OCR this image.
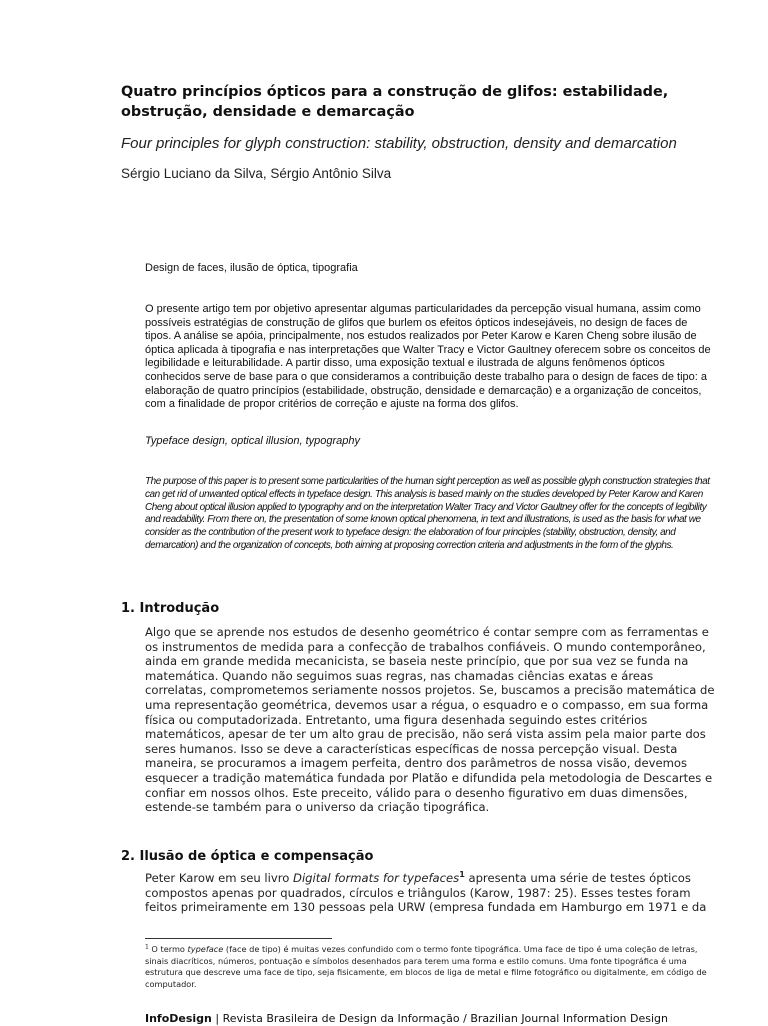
Quatro princípios ópticos para a construção de glifos: estabilidade, obstrução, densidade e demarcação
Four principles for glyph construction: stability, obstruction, density and demarcation
Sérgio Luciano da Silva, Sérgio Antônio Silva
Design de faces, ilusão de óptica, tipografia
O presente artigo tem por objetivo apresentar algumas particularidades da percepção visual humana, assim como possíveis estratégias de construção de glifos que burlem os efeitos ópticos indesejáveis, no design de faces de tipos. A análise se apóia, principalmente, nos estudos realizados por Peter Karow e Karen Cheng sobre ilusão de óptica aplicada à tipografia e nas interpretações que Walter Tracy e Victor Gaultney oferecem sobre os conceitos de legibilidade e leiturabilidade. A partir disso, uma exposição textual e ilustrada de alguns fenômenos ópticos conhecidos serve de base para o que consideramos a contribuição deste trabalho para o design de faces de tipo: a elaboração de quatro princípios (estabilidade, obstrução, densidade e demarcação) e a organização de conceitos, com a finalidade de propor critérios de correção e ajuste na forma dos glifos.
Typeface design, optical illusion, typography
The purpose of this paper is to present some particularities of the human sight perception as well as possible glyph construction strategies that can get rid of unwanted optical effects in typeface design. This analysis is based mainly on the studies developed by Peter Karow and Karen Cheng about optical illusion applied to typography and on the interpretation Walter Tracy and Victor Gaultney offer for the concepts of legibility and readability. From there on, the presentation of some known optical phenomena, in text and illustrations, is used as the basis for what we consider as the contribution of the present work to typeface design: the elaboration of four principles (stability, obstruction, density, and demarcation) and the organization of concepts, both aiming at proposing correction criteria and adjustments in the form of the glyphs.
1. Introdução
Algo que se aprende nos estudos de desenho geométrico é contar sempre com as ferramentas e os instrumentos de medida para a confecção de trabalhos confiáveis. O mundo contemporâneo, ainda em grande medida mecanicista, se baseia neste princípio, que por sua vez se funda na matemática. Quando não seguimos suas regras, nas chamadas ciências exatas e áreas correlatas, comprometemos seriamente nossos projetos. Se, buscamos a precisão matemática de uma representação geométrica, devemos usar a régua, o esquadro e o compasso, em sua forma física ou computadorizada. Entretanto, uma figura desenhada seguindo estes critérios matemáticos, apesar de ter um alto grau de precisão, não será vista assim pela maior parte dos seres humanos. Isso se deve a características específicas de nossa percepção visual. Desta maneira, se procuramos a imagem perfeita, dentro dos parâmetros de nossa visão, devemos esquecer a tradição matemática fundada por Platão e difundida pela metodologia de Descartes e confiar em nossos olhos. Este preceito, válido para o desenho figurativo em duas dimensões, estende-se também para o universo da criação tipográfica.
2. Ilusão de óptica e compensação
Peter Karow em seu livro Digital formats for typefaces$^1$ apresenta uma série de testes ópticos compostos apenas por quadrados, círculos e triângulos (Karow, 1987: 25). Esses testes foram feitos primeiramente em 130 pessoas pela URW (empresa fundada em Hamburgo em 1971 e da
$^1$ O termo typeface (face de tipo) é muitas vezes confundido com o termo fonte tipográfica. Uma face de tipo é uma coleção de letras, sinais diacríticos, números, pontuação e símbolos desenhados para terem uma forma e estilo comuns. Uma fonte tipográfica é uma estrutura que descreve uma face de tipo, seja fisicamente, em blocos de liga de metal e filme fotográfico ou digitalmente, em código de computador.
InfoDesign | Revista Brasileira de Design da Informação / Brazilian Journal Information Design
